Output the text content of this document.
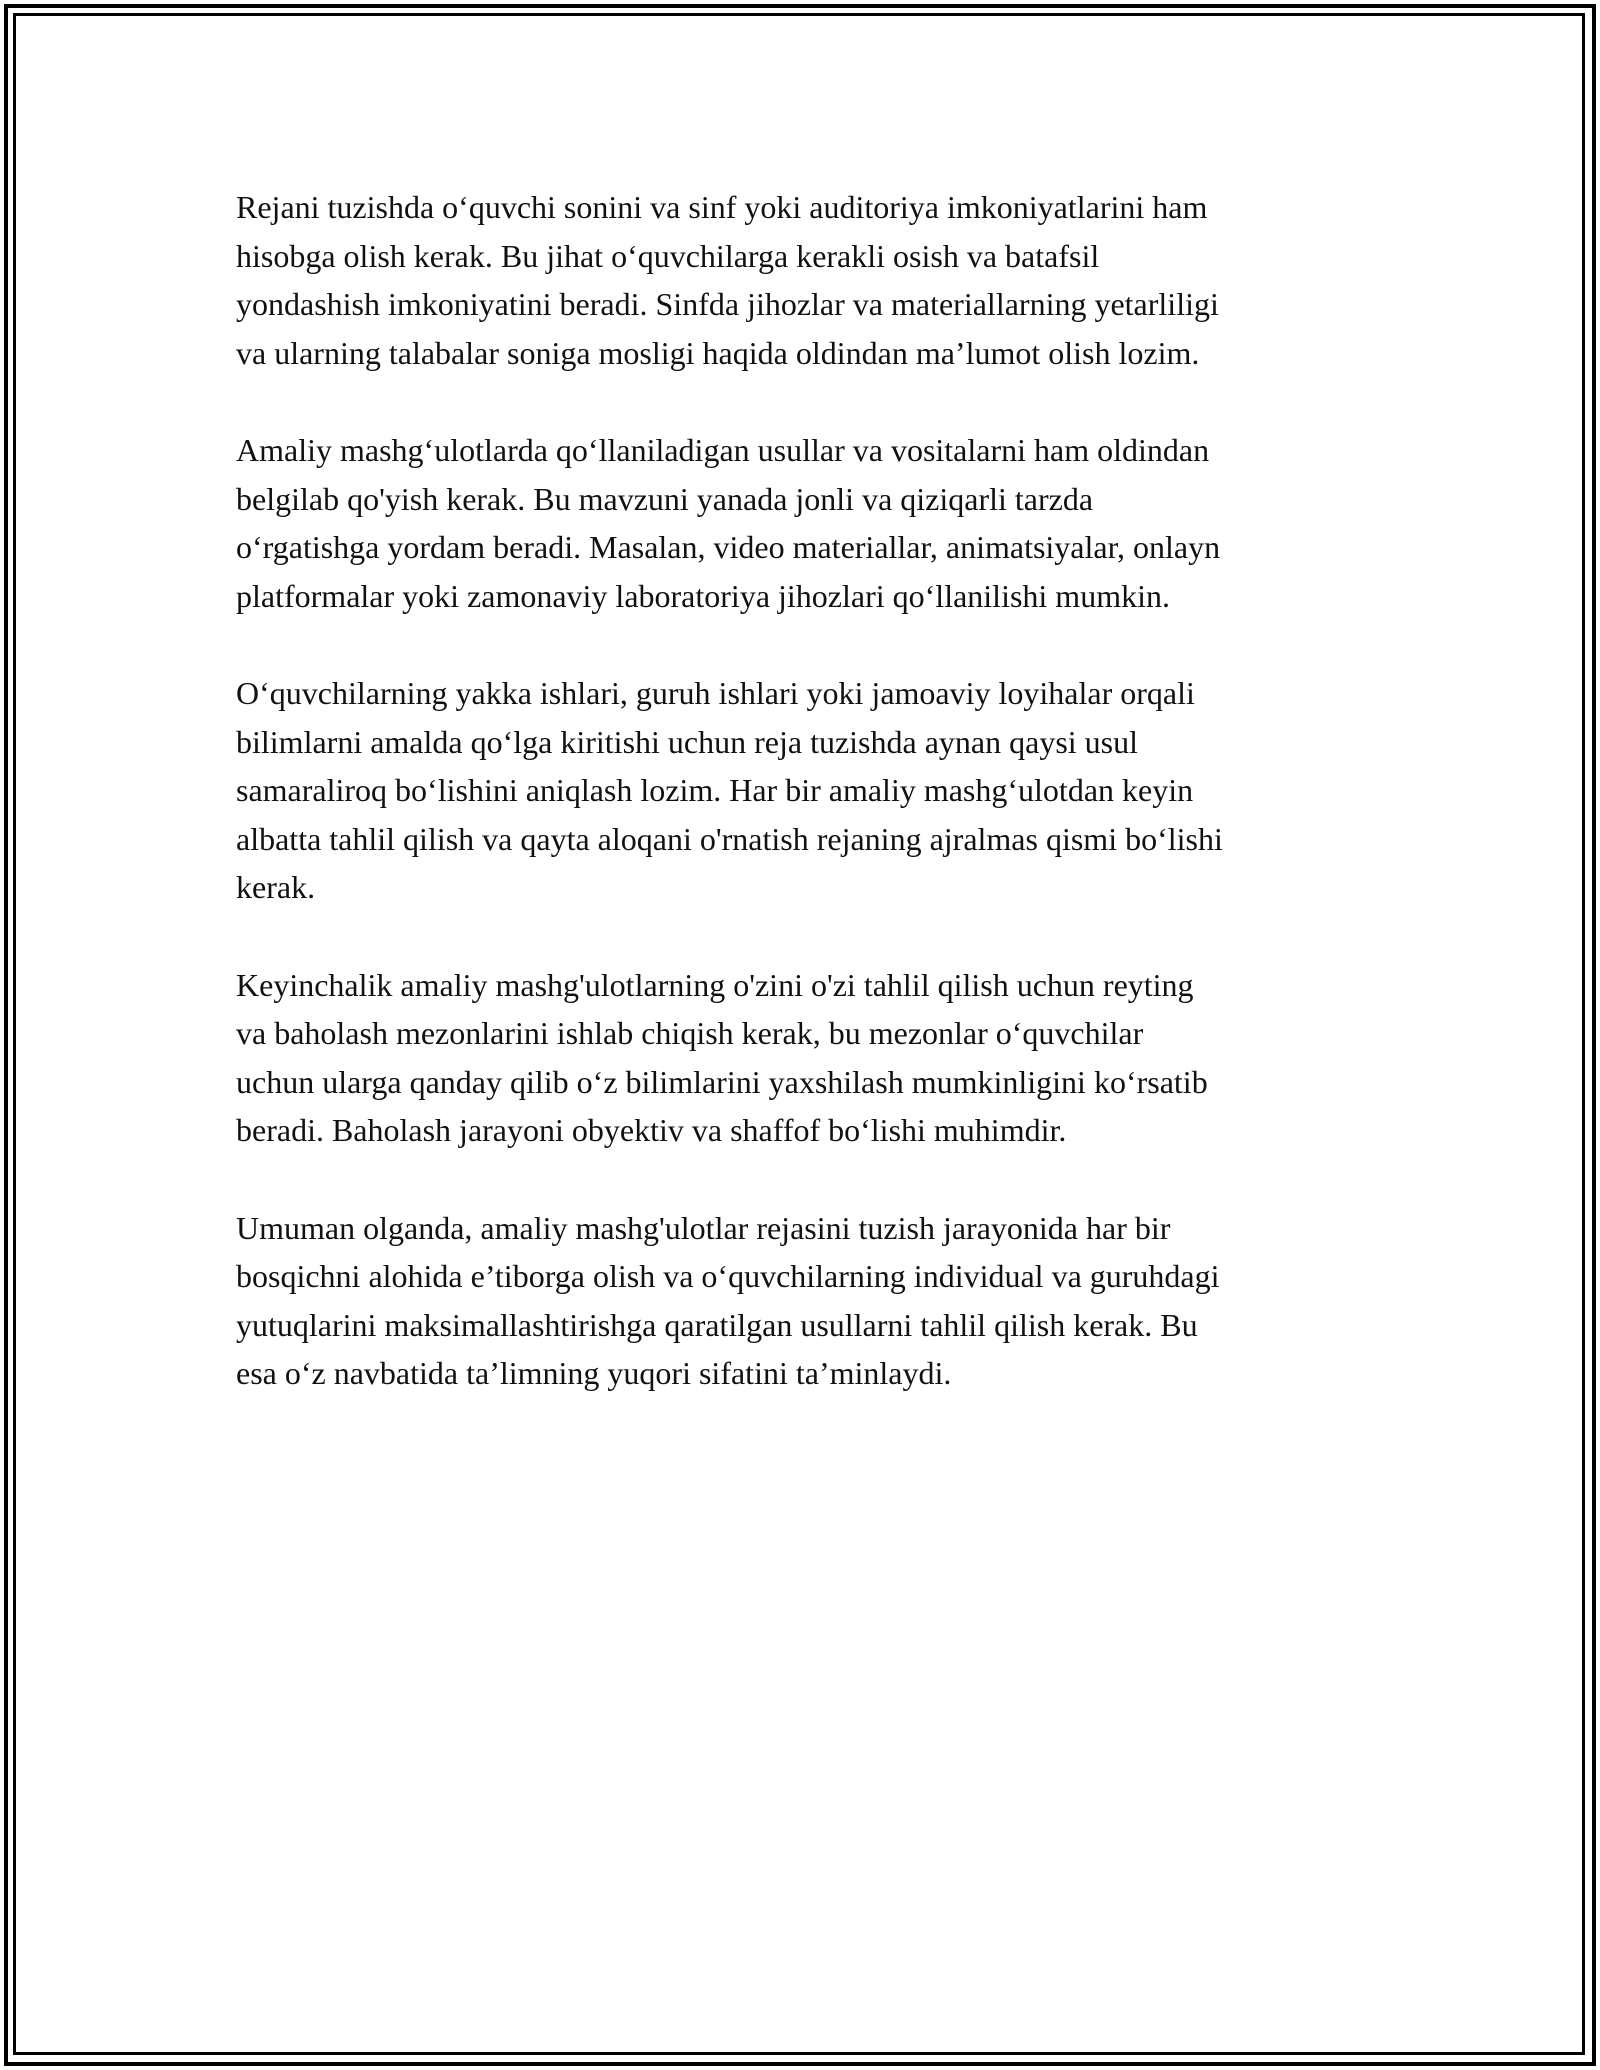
Rejani tuzishda o‘quvchi sonini va sinf yoki auditoriya imkoniyatlarini ham
hisobga olish kerak. Bu jihat o‘quvchilarga kerakli osish va batafsil
yondashish imkoniyatini beradi. Sinfda jihozlar va materiallarning yetarliligi
va ularning talabalar soniga mosligi haqida oldindan ma’lumot olish lozim.

Amaliy mashg‘ulotlarda qo‘llaniladigan usullar va vositalarni ham oldindan
belgilab qo'yish kerak. Bu mavzuni yanada jonli va qiziqarli tarzda
o‘rgatishga yordam beradi. Masalan, video materiallar, animatsiyalar, onlayn
platformalar yoki zamonaviy laboratoriya jihozlari qo‘llanilishi mumkin.

O‘quvchilarning yakka ishlari, guruh ishlari yoki jamoaviy loyihalar orqali
bilimlarni amalda qo‘lga kiritishi uchun reja tuzishda aynan qaysi usul
samaraliroq bo‘lishini aniqlash lozim. Har bir amaliy mashg‘ulotdan keyin
albatta tahlil qilish va qayta aloqani o'rnatish rejaning ajralmas qismi bo‘lishi
kerak.

Keyinchalik amaliy mashg'ulotlarning o'zini o'zi tahlil qilish uchun reyting
va baholash mezonlarini ishlab chiqish kerak, bu mezonlar o‘quvchilar
uchun ularga qanday qilib o‘z bilimlarini yaxshilash mumkinligini ko‘rsatib
beradi. Baholash jarayoni obyektiv va shaffof bo‘lishi muhimdir.

Umuman olganda, amaliy mashg'ulotlar rejasini tuzish jarayonida har bir
bosqichni alohida e’tiborga olish va o‘quvchilarning individual va guruhdagi
yutuqlarini maksimallashtirishga qaratilgan usullarni tahlil qilish kerak. Bu
esa o‘z navbatida ta’limning yuqori sifatini ta’minlaydi.
